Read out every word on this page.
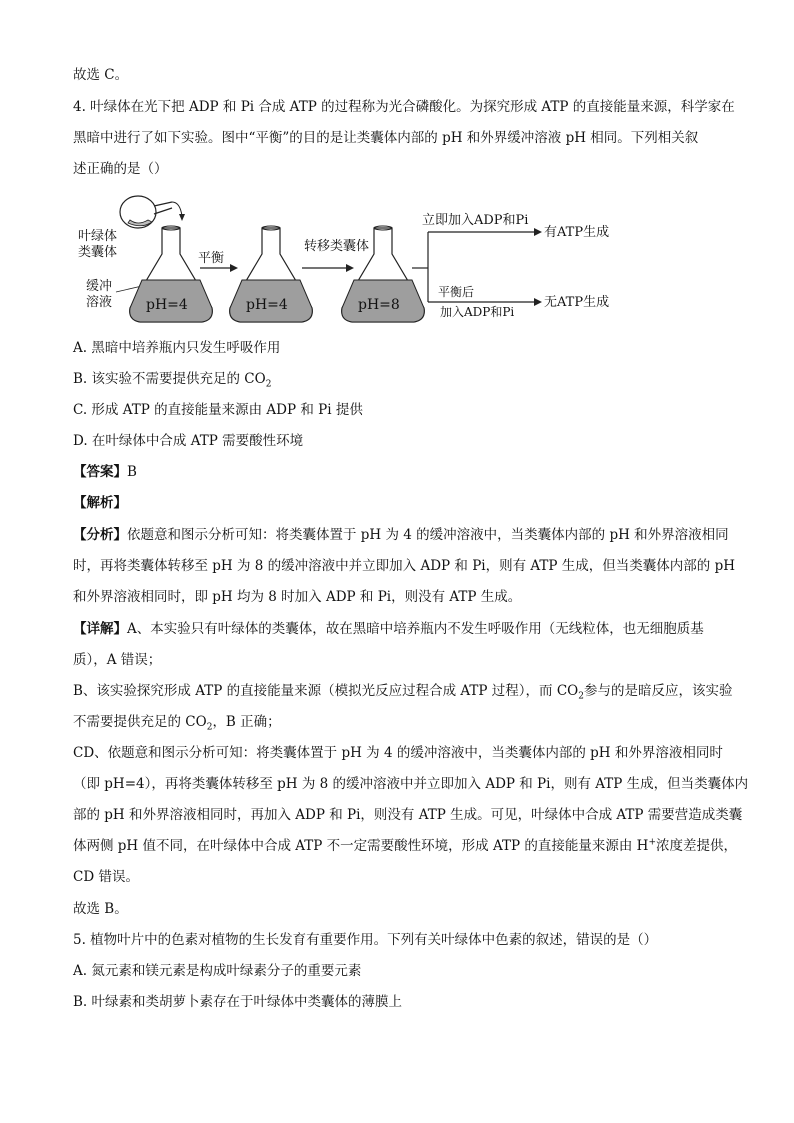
故选 C。
4. 叶绿体在光下把 ADP 和 Pi 合成 ATP 的过程称为光合磷酸化。为探究形成 ATP 的直接能量来源，科学家在
黑暗中进行了如下实验。图中“平衡”的目的是让类囊体内部的 pH 和外界缓冲溶液 pH 相同。下列相关叙
述正确的是（）
叶绿体
类囊体
缓冲
溶液 pH=4
平衡
pH=4
转移类囊体
pH=8
立即加入ADP和Pi
有ATP生成
平衡后
加入ADP和Pi
无ATP生成
A. 黑暗中培养瓶内只发生呼吸作用
B. 该实验不需要提供充足的 $CO_2$
C. 形成 ATP 的直接能量来源由 ADP 和 Pi 提供
D. 在叶绿体中合成 ATP 需要酸性环境
【答案】B
【解析】
【分析】依题意和图示分析可知：将类囊体置于 pH 为 4 的缓冲溶液中，当类囊体内部的 pH 和外界溶液相同
时，再将类囊体转移至 pH 为 8 的缓冲溶液中并立即加入 ADP 和 Pi，则有 ATP 生成，但当类囊体内部的 pH
和外界溶液相同时，即 pH 均为 8 时加入 ADP 和 Pi，则没有 ATP 生成。
【详解】A、本实验只有叶绿体的类囊体，故在黑暗中培养瓶内不发生呼吸作用（无线粒体，也无细胞质基
质），A 错误；
B、该实验探究形成 ATP 的直接能量来源（模拟光反应过程合成 ATP 过程），而 $CO_2$参与的是暗反应，该实验
不需要提供充足的 $CO_2$，B 正确；
CD、依题意和图示分析可知：将类囊体置于 pH 为 4 的缓冲溶液中，当类囊体内部的 pH 和外界溶液相同时
（即 pH=4），再将类囊体转移至 pH 为 8 的缓冲溶液中并立即加入 ADP 和 Pi，则有 ATP 生成，但当类囊体内
部的 pH 和外界溶液相同时，再加入 ADP 和 Pi，则没有 ATP 生成。可见，叶绿体中合成 ATP 需要营造成类囊
体两侧 pH 值不同，在叶绿体中合成 ATP 不一定需要酸性环境，形成 ATP 的直接能量来源由 H+浓度差提供，
CD 错误。
故选 B。
5. 植物叶片中的色素对植物的生长发育有重要作用。下列有关叶绿体中色素的叙述，错误的是（）
A. 氮元素和镁元素是构成叶绿素分子的重要元素
B. 叶绿素和类胡萝卜素存在于叶绿体中类囊体的薄膜上
